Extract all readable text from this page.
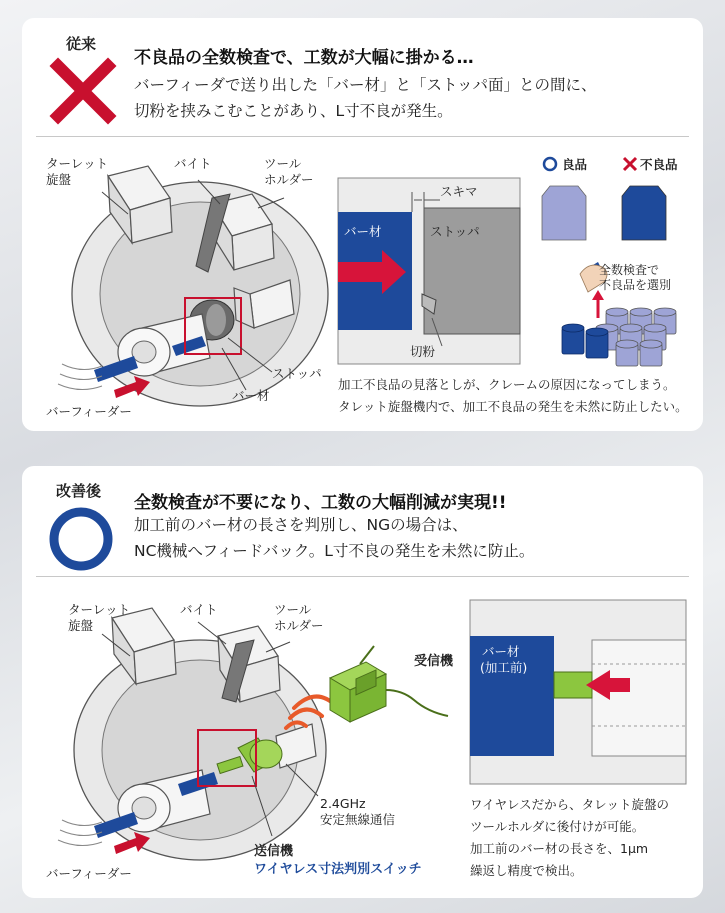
従来
不良品の全数検査で、工数が大幅に掛かる…
バーフィーダで送り出した「バー材」と「ストッパ面」との間に、
切粉を挟みこむことがあり、L寸不良が発生。
ターレット
旋盤
バイト	ツール
ホルダー
ストッパ
バー材
バーフィーダー
スキマ
バー材	ストッパ
切粉
良品	不良品
全数検査で
不良品を選別
加工不良品の見落としが、クレームの原因になってしまう。
タレット旋盤機内で、加工不良品の発生を未然に防止したい。
改善後
全数検査が不要になり、工数の大幅削減が実現!!
加工前のバー材の長さを判別し、NGの場合は、
NC機械へフィードバック。L寸不良の発生を未然に防止。
ターレット
旋盤
バイト	ツール
ホルダー
2.4GHz
安定無線通信
送信機
ワイヤレス寸法判別スイッチ
バーフィーダー
受信機
バー材
(加工前)
ワイヤレスだから、タレット旋盤の
ツールホルダに後付けが可能。
加工前のバー材の長さを、1μm
繰返し精度で検出。
